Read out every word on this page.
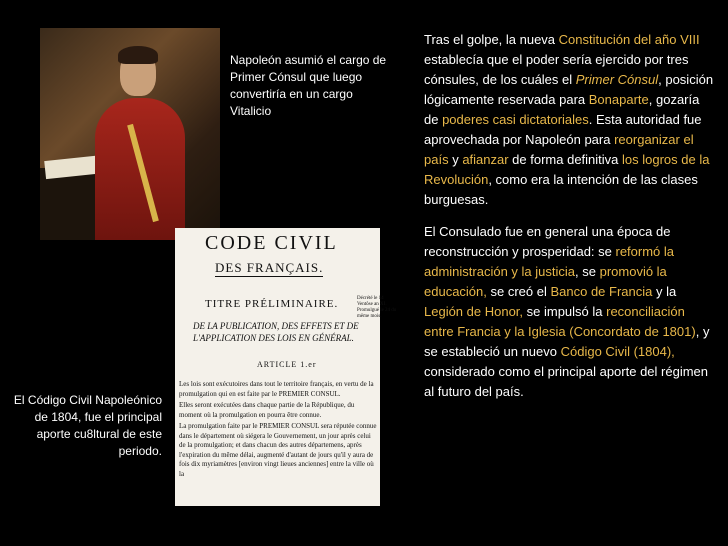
Napoleón asumió el cargo de Primer Cónsul que luego convertiría en un cargo Vitalicio
CODE CIVIL
DES FRANÇAIS.
TITRE PRÉLIMINAIRE.	Décrété le 14 Ventôse an XI. Promulgué le 24 du même mois.
DE LA PUBLICATION, DES EFFETS ET DE L'APPLICATION DES LOIS EN GÉNÉRAL.
ARTICLE 1.er

Les lois sont exécutoires dans tout le territoire français, en vertu de la promulgation qui en est faite par le PREMIER CONSUL.

Elles seront exécutées dans chaque partie de la République, du moment où la promulgation en pourra être connue.

La promulgation faite par le PREMIER CONSUL sera réputée connue dans le département où siégera le Gouvernement, un jour après celui de la promulgation; et dans chacun des autres départemens, après l'expiration du même délai, augmenté d'autant de jours qu'il y aura de fois dix myriamètres [environ vingt lieues anciennes] entre la ville où la

El Código Civil Napoleónico de 1804, fue el principal aporte cu8ltural de este periodo.

Tras el golpe, la nueva Constitución del año VIII establecía que el poder sería ejercido por tres cónsules, de los cuáles el Primer Cónsul, posición lógicamente reservada para Bonaparte, gozaría de poderes casi dictatoriales. Esta autoridad fue aprovechada por Napoleón para reorganizar el país y afianzar de forma definitiva los logros de la Revolución, como era la intención de las clases burguesas.

El Consulado fue en general una época de reconstrucción y prosperidad: se reformó la administración y la justicia, se promovió la educación, se creó el Banco de Francia y la Legión de Honor, se impulsó la reconciliación entre Francia y la Iglesia (Concordato de 1801), y se estableció un nuevo Código Civil (1804), considerado como el principal aporte del régimen al futuro del país.
